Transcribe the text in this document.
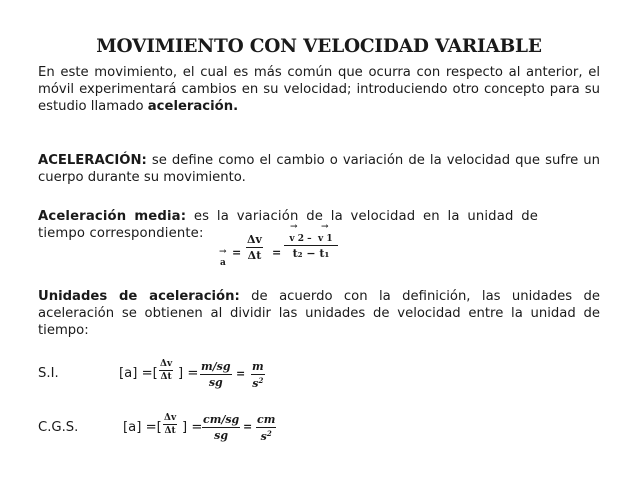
MOVIMIENTO CON VELOCIDAD VARIABLE

En este movimiento, el cual es más común que ocurra con respecto al anterior, el móvil experimentará cambios en su velocidad; introduciendo otro concepto para su estudio llamado aceleración.

ACELERACIÓN: se define como el cambio o variación de la velocidad que sufre un cuerpo durante su movimiento.

Aceleración media: es la variación de la velocidad en la unidad de tiempo correspondiente:

→
a
= $\frac{\Delta v}{\Delta t}$ =
→	→
v 2 – v 1
t₂ − t₁

Unidades de aceleración: de acuerdo con la definición, las unidades de aceleración se obtienen al dividir las unidades de velocidad entre la unidad de tiempo:

S.I.	[a] =[ $\frac{\Delta v}{\Delta t}$ ] = $\frac{m/sg}{sg} = \frac{m}{s^2}$
C.G.S.	[a] =[ $\frac{\Delta v}{\Delta t}$ ] = $\frac{cm/sg}{sg} = \frac{cm}{s^2}$
